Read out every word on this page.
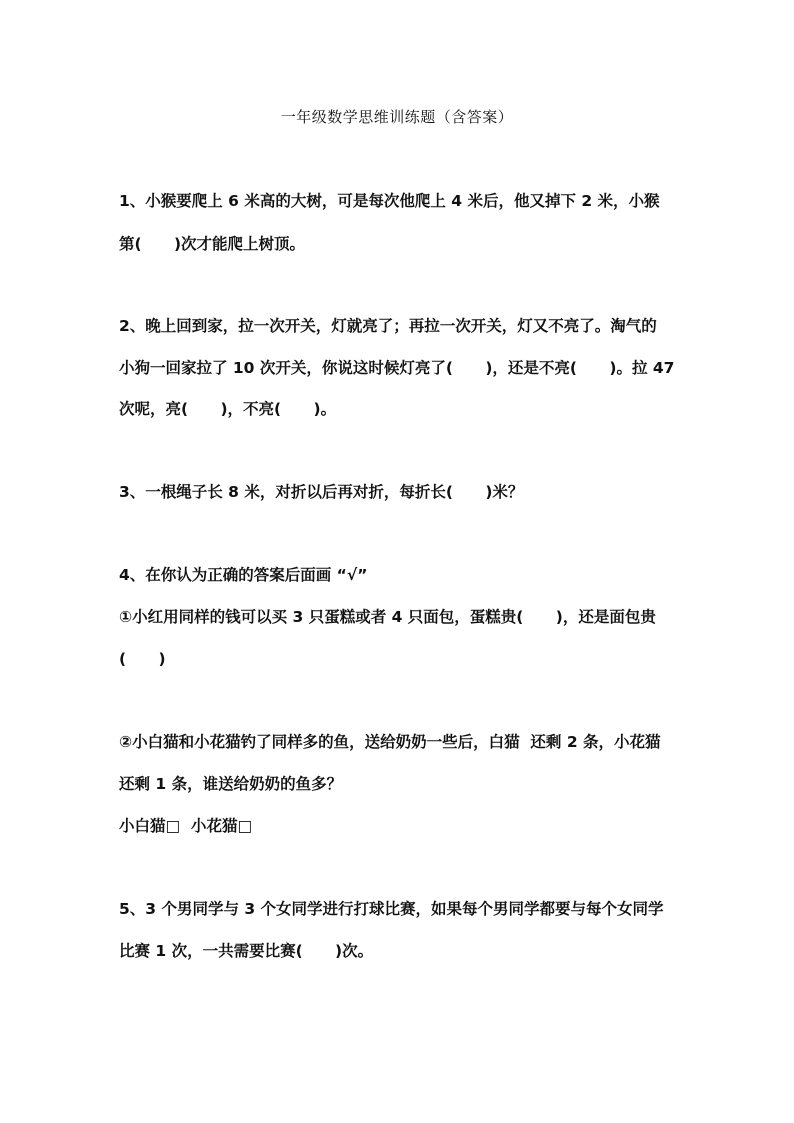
一年级数学思维训练题（含答案）
1、小猴要爬上 6 米高的大树，可是每次他爬上 4 米后，他又掉下 2 米，小猴
第(      )次才能爬上树顶。
2、晚上回到家，拉一次开关，灯就亮了；再拉一次开关，灯又不亮了。淘气的
小狗一回家拉了 10 次开关，你说这时候灯亮了(      )，还是不亮(      )。拉 47
次呢，亮(      )，不亮(      )。
3、一根绳子长 8 米，对折以后再对折，每折长(      )米？
4、在你认为正确的答案后面画 “√”
①小红用同样的钱可以买 3 只蛋糕或者 4 只面包，蛋糕贵(      )，还是面包贵
(      )
②小白猫和小花猫钓了同样多的鱼，送给奶奶一些后，白猫  还剩 2 条，小花猫
还剩 1 条，谁送给奶奶的鱼多？
小白猫□  小花猫□
5、3 个男同学与 3 个女同学进行打球比赛，如果每个男同学都要与每个女同学
比赛 1 次，一共需要比赛(      )次。
